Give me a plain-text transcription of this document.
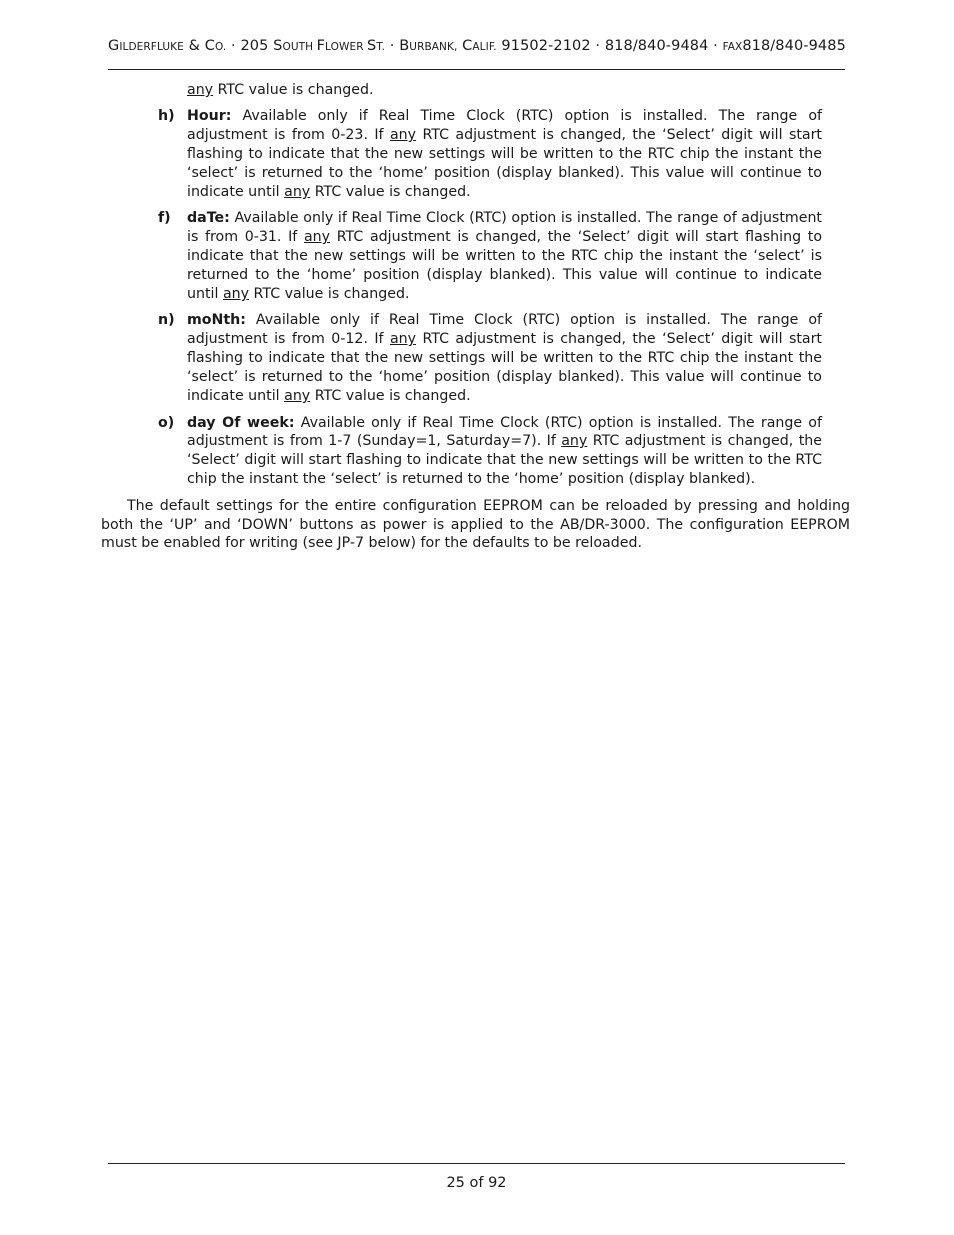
GILDERFLUKE & CO. · 205 SOUTH FLOWER ST. · BURBANK, CALIF. 91502-2102 · 818/840-9484 · FAX818/840-9485
any RTC value is changed.
h) Hour: Available only if Real Time Clock (RTC) option is installed. The range of adjustment is from 0-23. If any RTC adjustment is changed, the ‘Select’ digit will start flashing to indicate that the new settings will be written to the RTC chip the instant the ‘select’ is returned to the ‘home’ position (display blanked). This value will continue to indicate until any RTC value is changed.
f) daTe: Available only if Real Time Clock (RTC) option is installed. The range of adjustment is from 0-31. If any RTC adjustment is changed, the ‘Select’ digit will start flashing to indicate that the new settings will be written to the RTC chip the instant the ‘select’ is returned to the ‘home’ position (display blanked). This value will continue to indicate until any RTC value is changed.
n) moNth: Available only if Real Time Clock (RTC) option is installed. The range of adjustment is from 0-12. If any RTC adjustment is changed, the ‘Select’ digit will start flashing to indicate that the new settings will be written to the RTC chip the instant the ‘select’ is returned to the ‘home’ position (display blanked). This value will continue to indicate until any RTC value is changed.
o) day Of week: Available only if Real Time Clock (RTC) option is installed. The range of adjustment is from 1-7 (Sunday=1, Saturday=7). If any RTC adjustment is changed, the ‘Select’ digit will start flashing to indicate that the new settings will be written to the RTC chip the instant the ‘select’ is returned to the ‘home’ position (display blanked).
The default settings for the entire configuration EEPROM can be reloaded by pressing and holding both the ‘UP’ and ‘DOWN’ buttons as power is applied to the AB/DR-3000. The configuration EEPROM must be enabled for writing (see JP-7 below) for the defaults to be reloaded.
25 of 92
